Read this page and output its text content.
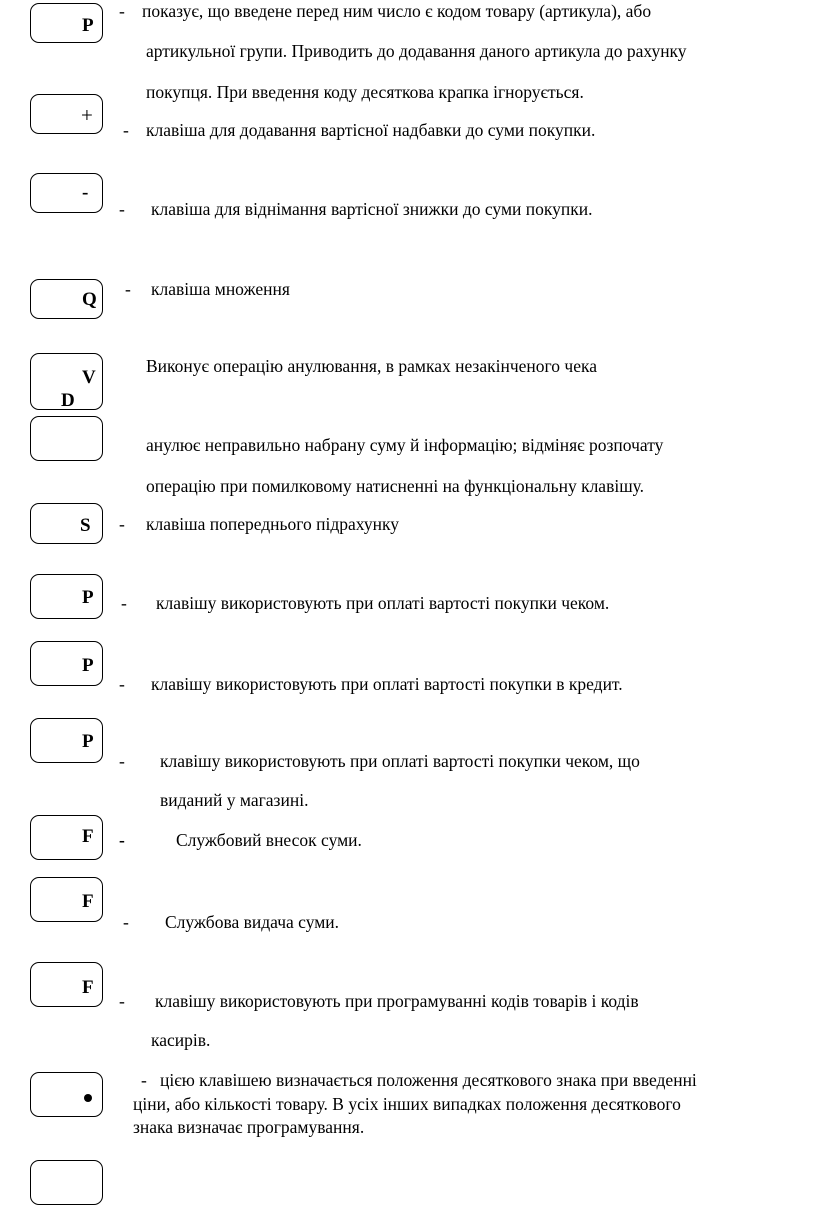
P
- показує, що введене перед ним число є кодом товару (артикула), або
артикульної групи. Приводить до додавання даного артикула до рахунку
покупця. При введення коду десяткова крапка ігнорується.
+
- клавіша для додавання вартісної надбавки до суми покупки.
-
- клавіша для віднімання вартісної знижки до суми покупки.
Q - клавіша множення
V
D
Виконує операцію анулювання, в рамках незакінченого чека
анулює неправильно набрану суму й інформацію; відміняє розпочату
операцію при помилковому натисненні на функціональну клавішу.
S - клавіша попереднього підрахунку
P - клавішу використовують при оплаті вартості покупки чеком.
P
- клавішу використовують при оплаті вартості покупки в кредит.
P
- клавішу використовують при оплаті вартості покупки чеком, що
виданий у магазині.
F -	Службовий внесок суми.
F
- Службова видача суми.
F
- клавішу використовують при програмуванні кодів товарів і кодів
касирів.
- цією клавішею визначається положення десяткового знака при введенні
ціни, або кількості товару. В усіх інших випадках положення десяткового
знака визначає програмування.
